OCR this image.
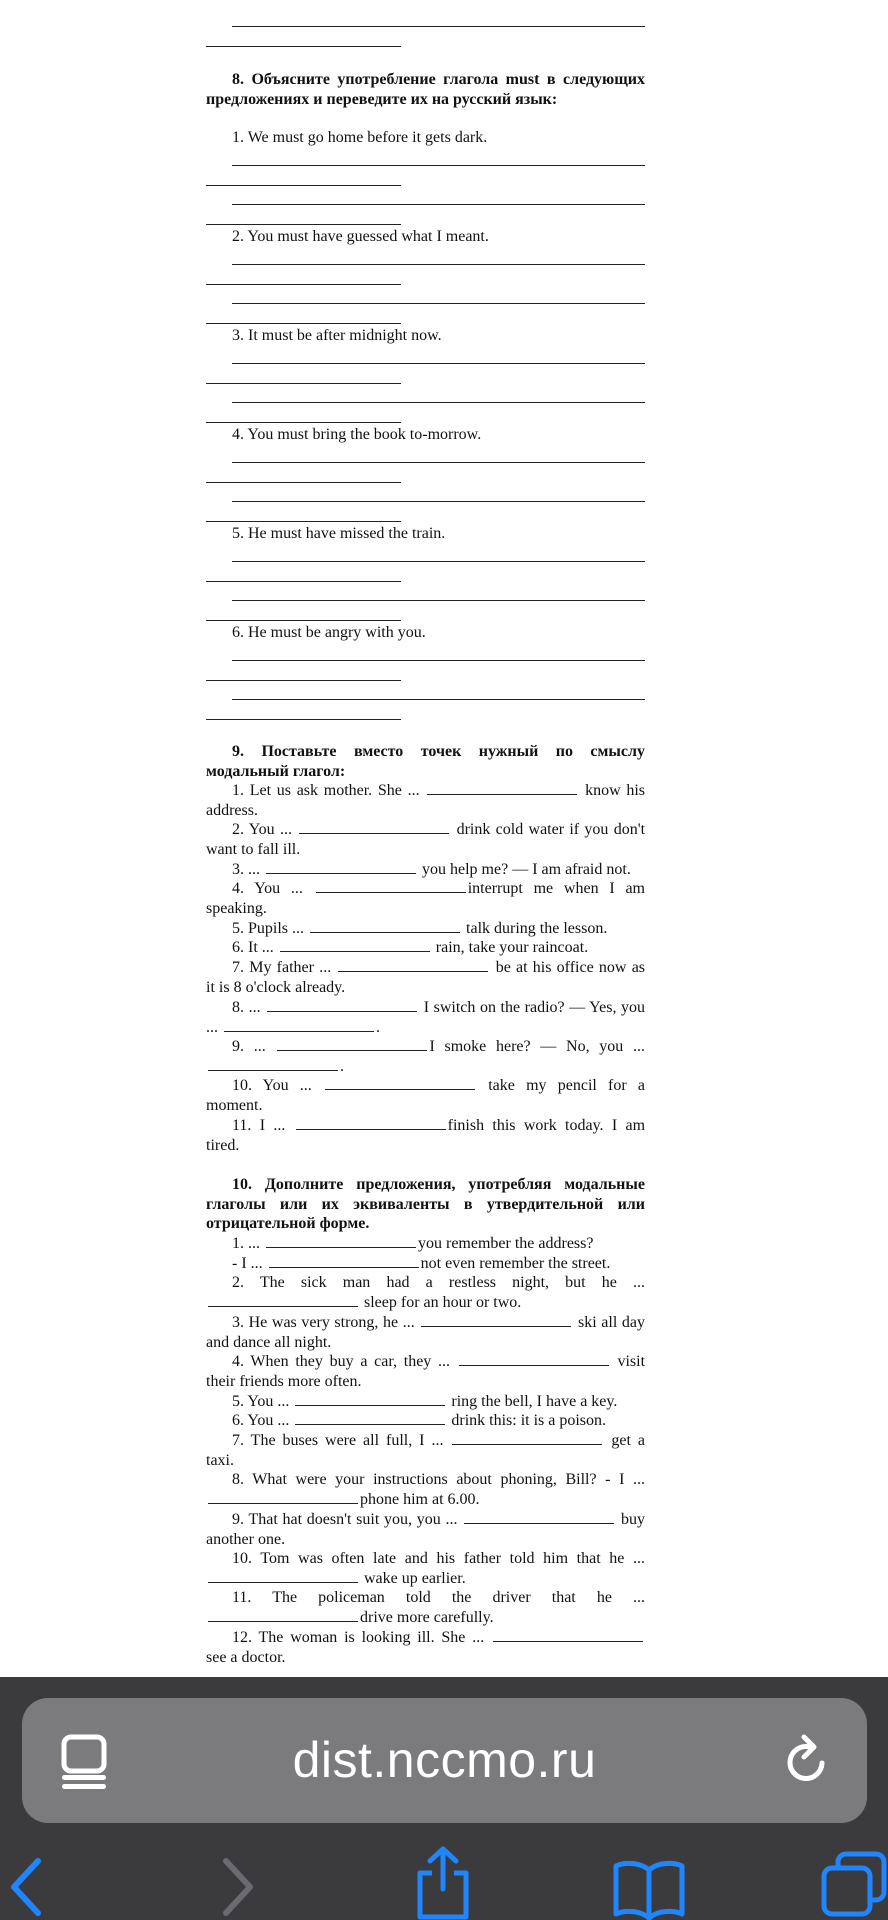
8. Объясните употребление глагола must в следующих предложениях и переведите их на русский язык:
1. We must go home before it gets dark.
2. You must have guessed what I meant.
3. It must be after midnight now.
4. You must bring the book to-morrow.
5. He must have missed the train.
6. He must be angry with you.
9. Поставьте вместо точек нужный по смыслу модальный глагол:
1. Let us ask mother. She ...	know his address.
2. You ...	drink cold water if you don't want to fall ill.
3. ...	you help me? — I am afraid not.
4. You ...	interrupt me when I am speaking.
5. Pupils ...	talk during the lesson.
6. It ...	rain, take your raincoat.
7. My father ...	be at his office now as it is 8 o'clock already.
8. ...	I switch on the radio? — Yes, you ...	.
9. ...	I smoke here? — No, you ... .
10. You ...	take my pencil for a moment.
11. I ...	finish this work today. I am tired.
10. Дополните предложения, употребляя модальные глаголы или их эквиваленты в утвердительной или отрицательной форме.
1. ...	you remember the address?
- I ...	not even remember the street.
2. The sick man had a restless night, but he ...  sleep for an hour or two.
3. He was very strong, he ...	ski all day and dance all night.
4. When they buy a car, they ...	visit their friends more often.
5. You ...	ring the bell, I have a key.
6. You ...	drink this: it is a poison.
7. The buses were all full, I ...	get a taxi.
8. What were your instructions about phoning, Bill? - I ... phone him at 6.00.
9. That hat doesn't suit you, you ...	buy another one.
10. Tom was often late and his father told him that he ...  wake up earlier.
11. The policeman told the driver that he ... drive more carefully.
12. The woman is looking ill. She ...  see a doctor.
dist.nccmo.ru
